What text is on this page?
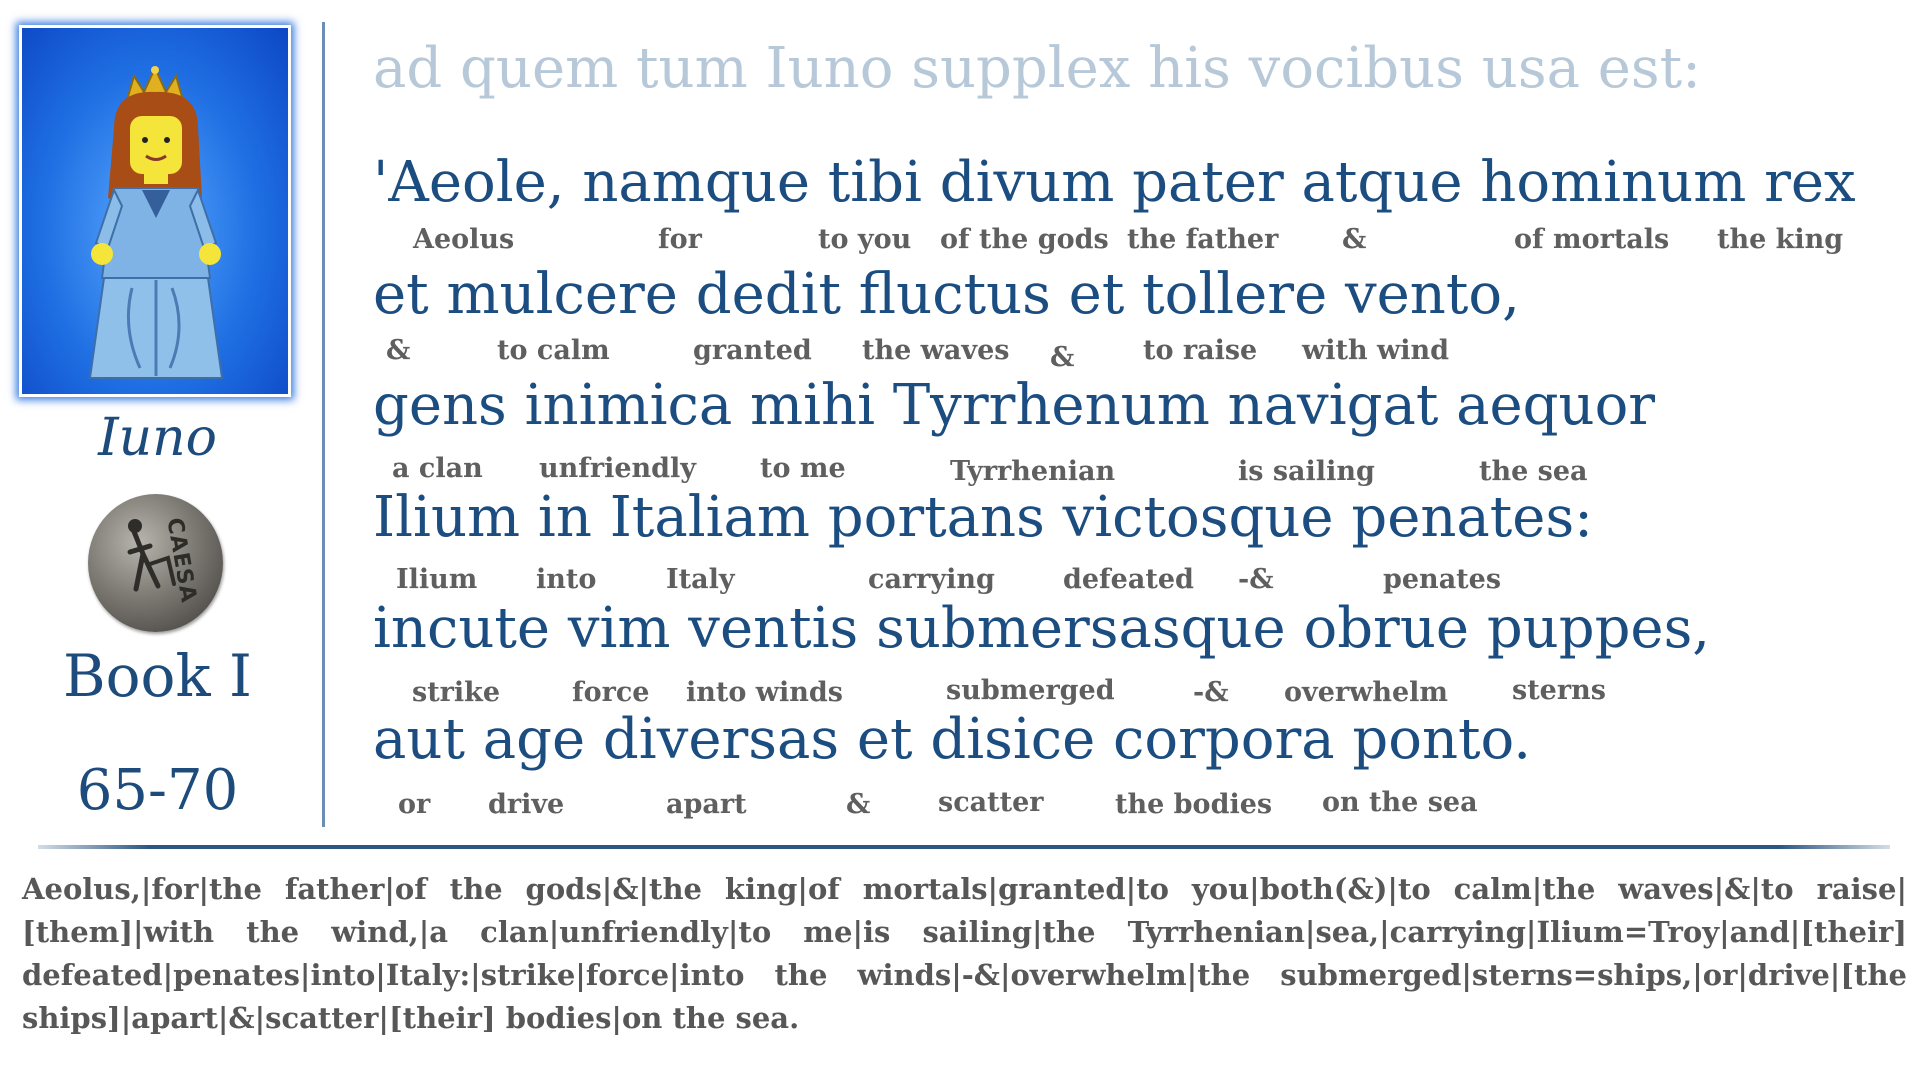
Iuno
CAESA
Book I
65-70
ad quem tum Iuno supplex his vocibus usa est:
'Aeole, namque tibi divum pater atque hominum rex
Aeolus	for	to you of the gods the father &	of mortals the king
et mulcere dedit fluctus et tollere vento,
&	to calm	granted the waves &	to raise with wind
gens inimica mihi Tyrrhenum navigat aequor
a clan unfriendly to me	Tyrrhenian	is sailing	the sea
Ilium in Italiam portans victosque penates:
Ilium into	Italy	carrying	defeated -&	penates
incute vim ventis submersasque obrue puppes,
strike	force into winds	submerged	-& overwhelm sterns
aut age diversas et disice corpora ponto.
or drive	apart	&	scatter	the bodies on the sea

Aeolus,|for|the father|of the gods|&|the king|of mortals|granted|to you|both(&)|to calm|the waves|&|to raise|[them]|with the wind,|a clan|unfriendly|to me|is sailing|the Tyrrhenian|sea,|carrying|Ilium=Troy|and|[their] defeated|penates|into|Italy:|strike|force|into the winds|-&|overwhelm|the submerged|sterns=ships,|or|drive|[the ships]|apart|&|scatter|[their] bodies|on the sea.
